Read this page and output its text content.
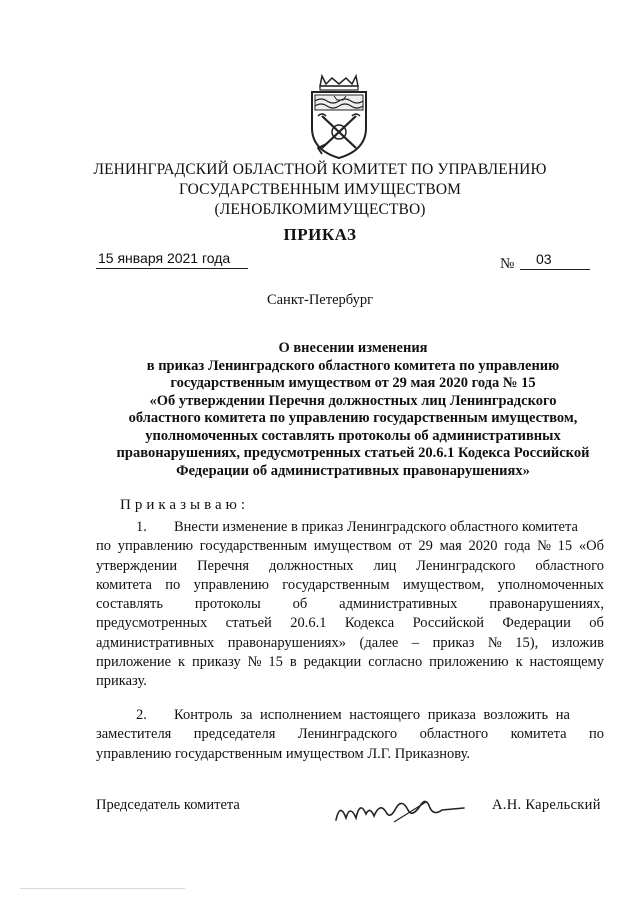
ЛЕНИНГРАДСКИЙ ОБЛАСТНОЙ КОМИТЕТ ПО УПРАВЛЕНИЮ
ГОСУДАРСТВЕННЫМ ИМУЩЕСТВОМ
(ЛЕНОБЛКОМИМУЩЕСТВО)
ПРИКАЗ
15 января 2021 года	№	03
Санкт-Петербург
О внесении изменения
в приказ Ленинградского областного комитета по управлению
государственным имуществом от 29 мая 2020 года № 15
«Об утверждении Перечня должностных лиц Ленинградского
областного комитета по управлению государственным имуществом,
уполномоченных составлять протоколы об административных
правонарушениях, предусмотренных статьей 20.6.1 Кодекса Российской
Федерации об административных правонарушениях»
Приказываю:
1.	Внести изменение в приказ Ленинградского областного комитета
по управлению государственным имуществом от 29 мая 2020 года № 15 «Об
утверждении Перечня должностных лиц Ленинградского областного
комитета по управлению государственным имуществом, уполномоченных
составлять протоколы об административных правонарушениях,
предусмотренных статьей 20.6.1 Кодекса Российской Федерации об
административных правонарушениях» (далее – приказ № 15), изложив
приложение к приказу № 15 в редакции согласно приложению к настоящему
приказу.
2.	Контроль за исполнением настоящего приказа возложить на
заместителя председателя Ленинградского областного комитета по
управлению государственным имуществом Л.Г. Приказнову.
Председатель комитета	А.Н. Карельский
